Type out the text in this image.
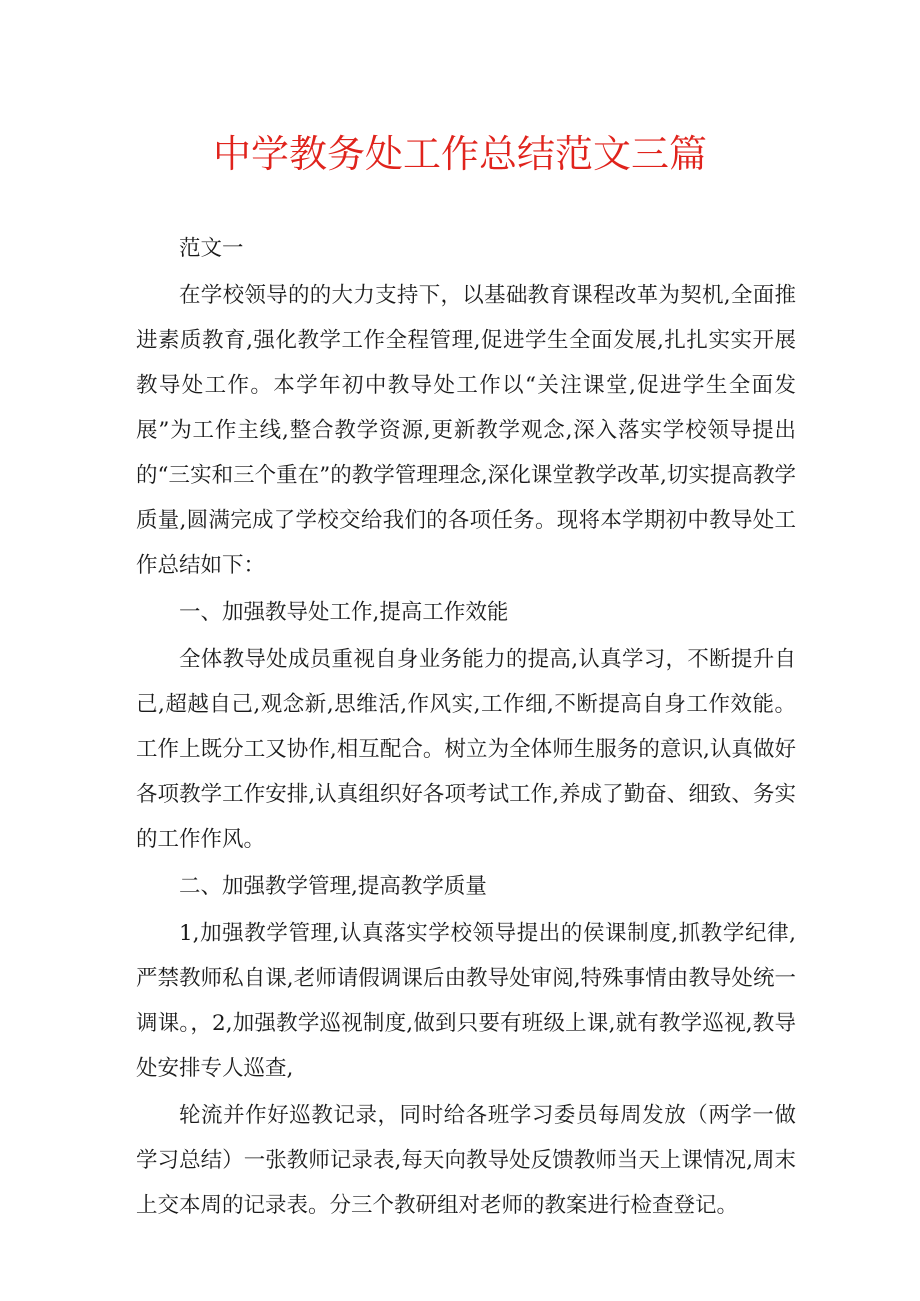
中学教务处工作总结范文三篇

范文一

在学校领导的的大力支持下，以基础教育课程改革为契机,全面推进素质教育,强化教学工作全程管理,促进学生全面发展,扎扎实实开展教导处工作。本学年初中教导处工作以“关注课堂,促进学生全面发展”为工作主线,整合教学资源,更新教学观念,深入落实学校领导提出的“三实和三个重在”的教学管理理念,深化课堂教学改革,切实提高教学质量,圆满完成了学校交给我们的各项任务。现将本学期初中教导处工作总结如下：

一、加强教导处工作,提高工作效能

全体教导处成员重视自身业务能力的提高,认真学习，不断提升自己,超越自己,观念新,思维活,作风实,工作细,不断提高自身工作效能。工作上既分工又协作,相互配合。树立为全体师生服务的意识,认真做好各项教学工作安排,认真组织好各项考试工作,养成了勤奋、细致、务实的工作作风。

二、加强教学管理,提高教学质量

1,加强教学管理,认真落实学校领导提出的侯课制度,抓教学纪律,严禁教师私自课,老师请假调课后由教导处审阅,特殊事情由教导处统一调课。，2,加强教学巡视制度,做到只要有班级上课,就有教学巡视,教导处安排专人巡查,

轮流并作好巡教记录，同时给各班学习委员每周发放（两学一做学习总结）一张教师记录表,每天向教导处反馈教师当天上课情况,周末上交本周的记录表。分三个教研组对老师的教案进行检查登记。
